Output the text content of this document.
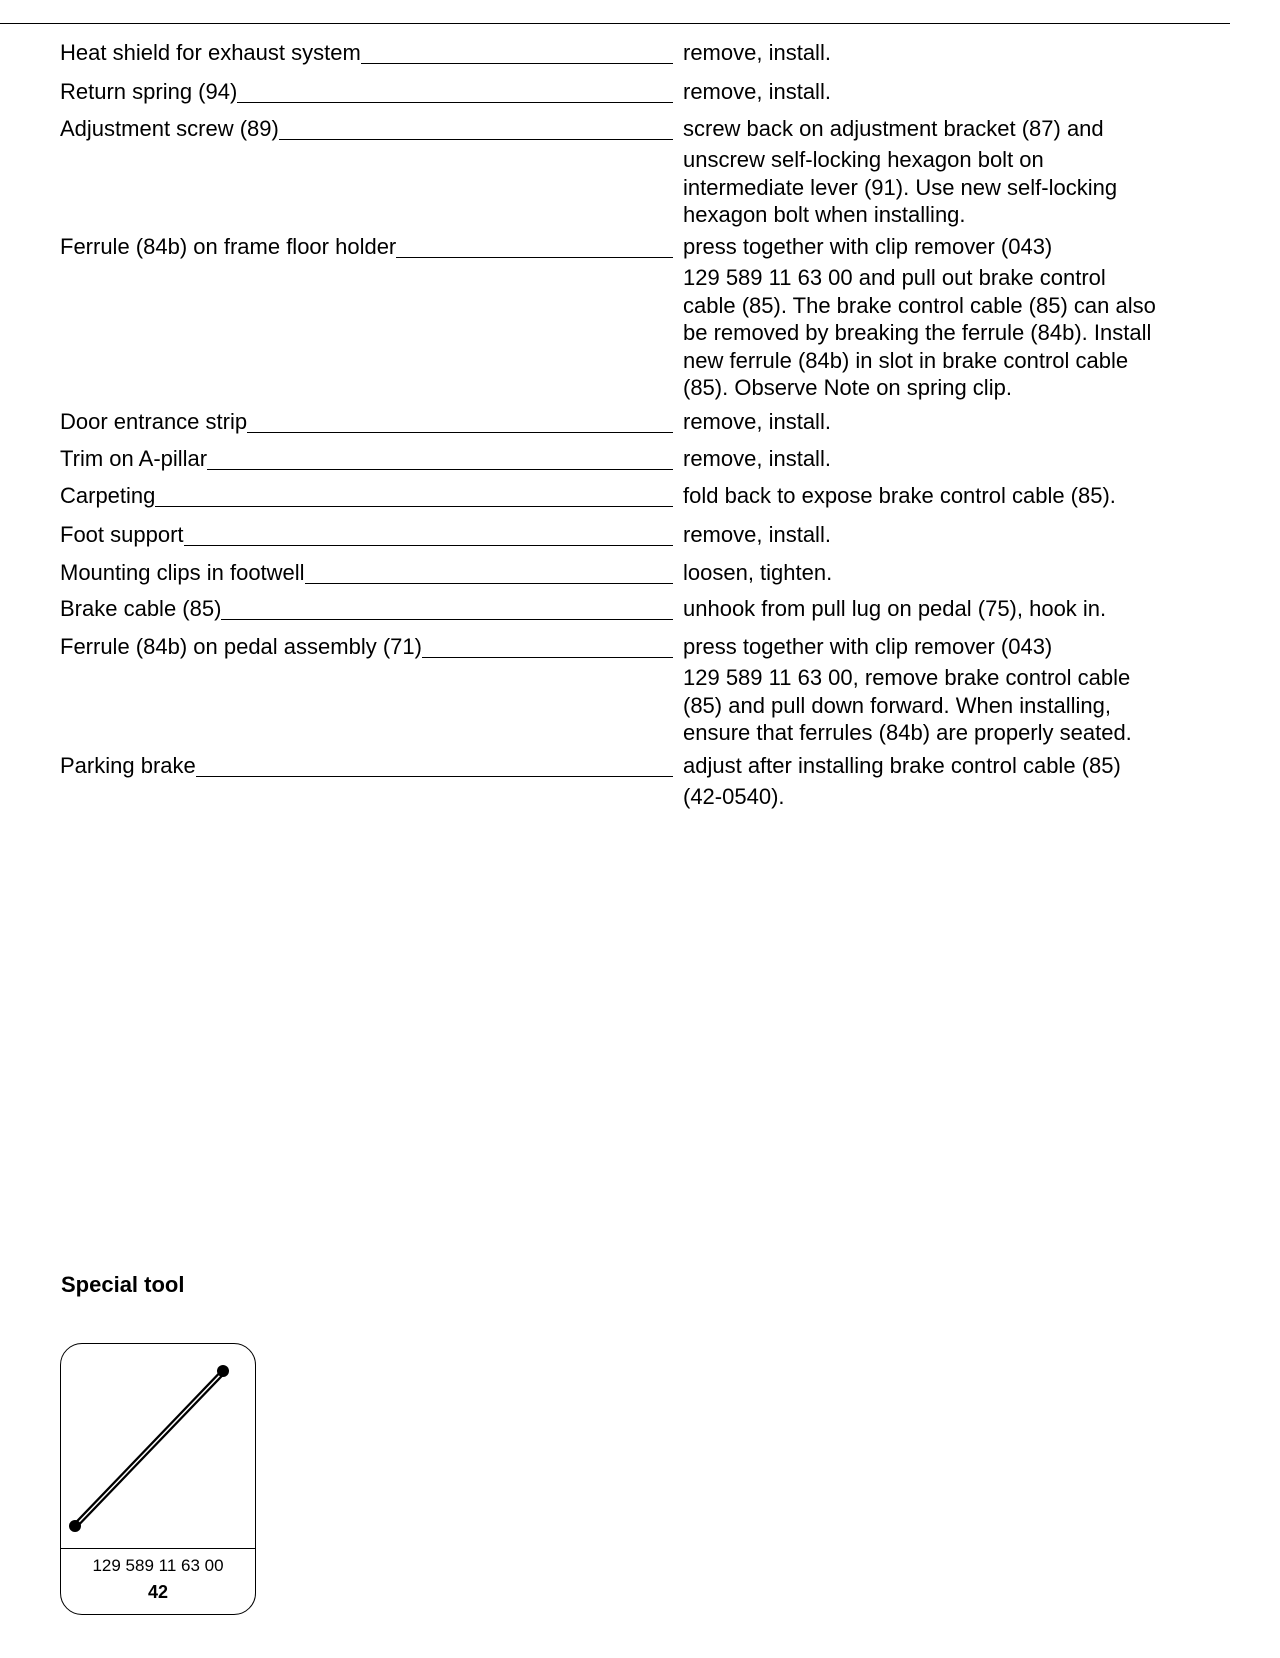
Heat shield for exhaust system	remove, install.
Return spring (94)	remove, install.
Adjustment screw (89)	screw back on adjustment bracket (87) and
unscrew self-locking hexagon bolt on
intermediate lever (91). Use new self-locking
hexagon bolt when installing.
Ferrule (84b) on frame floor holder	press together with clip remover (043)
129 589 11 63 00 and pull out brake control
cable (85). The brake control cable (85) can also
be removed by breaking the ferrule (84b). Install
new ferrule (84b) in slot in brake control cable
(85). Observe Note on spring clip.
Door entrance strip	remove, install.
Trim on A-pillar	remove, install.
Carpeting	fold back to expose brake control cable (85).
Foot support	remove, install.
Mounting clips in footwell	loosen, tighten.
Brake cable (85)	unhook from pull lug on pedal (75), hook in.
Ferrule (84b) on pedal assembly (71)	press together with clip remover (043)
129 589 11 63 00, remove brake control cable
(85) and pull down forward. When installing,
ensure that ferrules (84b) are properly seated.
Parking brake	adjust after installing brake control cable (85)
(42-0540).
Special tool
129 589 11 63 00
42
